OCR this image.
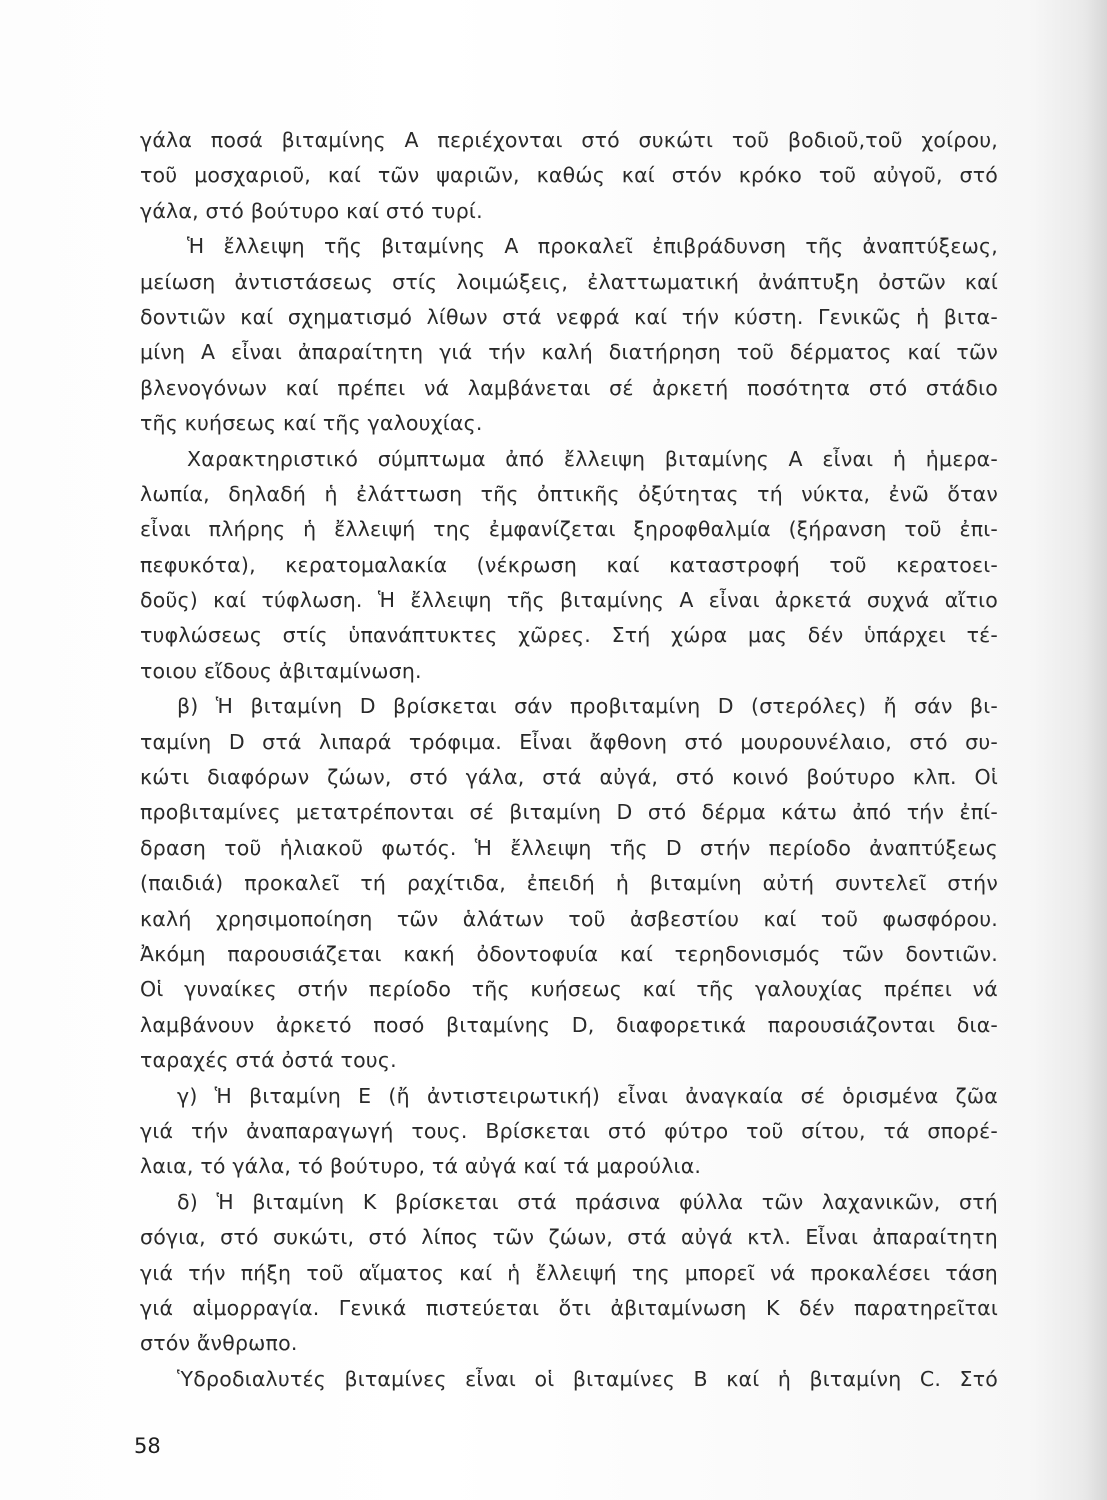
γάλα ποσά βιταμίνης Α περιέχονται στό συκώτι τοῦ βοδιοῦ,τοῦ χοίρου,
τοῦ μοσχαριοῦ, καί τῶν ψαριῶν, καθώς καί στόν κρόκο τοῦ αὐγοῦ, στό
γάλα, στό βούτυρο καί στό τυρί.
Ἡ ἔλλειψη τῆς βιταμίνης Α προκαλεῖ ἐπιβράδυνση τῆς ἀναπτύξεως,
μείωση ἀντιστάσεως στίς λοιμώξεις, ἐλαττωματική ἀνάπτυξη ὀστῶν καί
δοντιῶν καί σχηματισμό λίθων στά νεφρά καί τήν κύστη. Γενικῶς ἡ βιτα-
μίνη Α εἶναι ἀπαραίτητη γιά τήν καλή διατήρηση τοῦ δέρματος καί τῶν
βλενογόνων καί πρέπει νά λαμβάνεται σέ ἀρκετή ποσότητα στό στάδιο
τῆς κυήσεως καί τῆς γαλουχίας.
Χαρακτηριστικό σύμπτωμα ἀπό ἔλλειψη βιταμίνης Α εἶναι ἡ ἡμερα-
λωπία, δηλαδή ἡ ἐλάττωση τῆς ὀπτικῆς ὀξύτητας τή νύκτα, ἐνῶ ὅταν
εἶναι πλήρης ἡ ἔλλειψή της ἐμφανίζεται ξηροφθαλμία (ξήρανση τοῦ ἐπι-
πεφυκότα), κερατομαλακία (νέκρωση καί καταστροφή τοῦ κερατοει-
δοῦς) καί τύφλωση. Ἡ ἔλλειψη τῆς βιταμίνης Α εἶναι ἀρκετά συχνά αἴτιο
τυφλώσεως στίς ὑπανάπτυκτες χῶρες. Στή χώρα μας δέν ὑπάρχει τέ-
τοιου εἴδους ἀβιταμίνωση.
β) Ἡ βιταμίνη D βρίσκεται σάν προβιταμίνη D (στερόλες) ἤ σάν βι-
ταμίνη D στά λιπαρά τρόφιμα. Εἶναι ἄφθονη στό μουρουνέλαιο, στό συ-
κώτι διαφόρων ζώων, στό γάλα, στά αὐγά, στό κοινό βούτυρο κλπ. Οἱ
προβιταμίνες μετατρέπονται σέ βιταμίνη D στό δέρμα κάτω ἀπό τήν ἐπί-
δραση τοῦ ἡλιακοῦ φωτός. Ἡ ἔλλειψη τῆς D στήν περίοδο ἀναπτύξεως
(παιδιά) προκαλεῖ τή ραχίτιδα, ἐπειδή ἡ βιταμίνη αὐτή συντελεῖ στήν
καλή χρησιμοποίηση τῶν ἁλάτων τοῦ ἀσβεστίου καί τοῦ φωσφόρου.
Ἀκόμη παρουσιάζεται κακή ὀδοντοφυία καί τερηδονισμός τῶν δοντιῶν.
Οἱ γυναίκες στήν περίοδο τῆς κυήσεως καί τῆς γαλουχίας πρέπει νά
λαμβάνουν ἀρκετό ποσό βιταμίνης D, διαφορετικά παρουσιάζονται δια-
ταραχές στά ὀστά τους.
γ) Ἡ βιταμίνη Ε (ἤ ἀντιστειρωτική) εἶναι ἀναγκαία σέ ὁρισμένα ζῶα
γιά τήν ἀναπαραγωγή τους. Βρίσκεται στό φύτρο τοῦ σίτου, τά σπορέ-
λαια, τό γάλα, τό βούτυρο, τά αὐγά καί τά μαρούλια.
δ) Ἡ βιταμίνη Κ βρίσκεται στά πράσινα φύλλα τῶν λαχανικῶν, στή
σόγια, στό συκώτι, στό λίπος τῶν ζώων, στά αὐγά κτλ. Εἶναι ἀπαραίτητη
γιά τήν πήξη τοῦ αἵματος καί ἡ ἔλλειψή της μπορεῖ νά προκαλέσει τάση
γιά αἱμορραγία. Γενικά πιστεύεται ὅτι ἀβιταμίνωση Κ δέν παρατηρεῖται
στόν ἄνθρωπο.
Ὑδροδιαλυτές βιταμίνες εἶναι οἱ βιταμίνες Β καί ἡ βιταμίνη C. Στό
58
